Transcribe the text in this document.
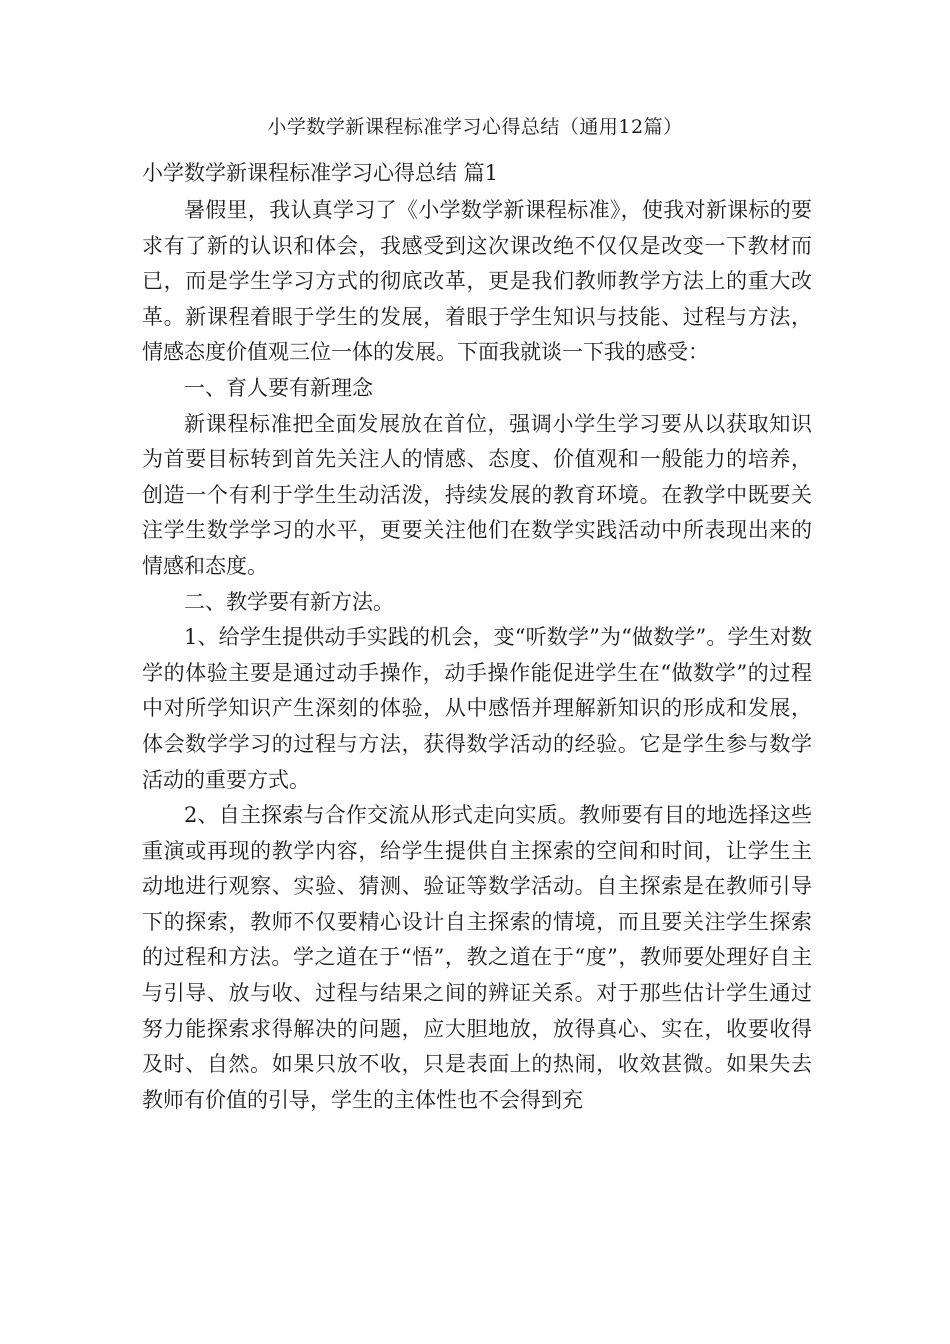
小学数学新课程标准学习心得总结（通用12篇）
小学数学新课程标准学习心得总结 篇1

暑假里，我认真学习了《小学数学新课程标准》，使我对新课标的要求有了新的认识和体会，我感受到这次课改绝不仅仅是改变一下教材而已，而是学生学习方式的彻底改革，更是我们教师教学方法上的重大改革。新课程着眼于学生的发展，着眼于学生知识与技能、过程与方法，情感态度价值观三位一体的发展。下面我就谈一下我的感受：

一、育人要有新理念

新课程标准把全面发展放在首位，强调小学生学习要从以获取知识为首要目标转到首先关注人的情感、态度、价值观和一般能力的培养，创造一个有利于学生生动活泼，持续发展的教育环境。在教学中既要关注学生数学学习的水平，更要关注他们在数学实践活动中所表现出来的情感和态度。

二、教学要有新方法。

1、给学生提供动手实践的机会，变“听数学”为“做数学”。学生对数学的体验主要是通过动手操作，动手操作能促进学生在“做数学”的过程中对所学知识产生深刻的体验，从中感悟并理解新知识的形成和发展，体会数学学习的过程与方法，获得数学活动的经验。它是学生参与数学活动的重要方式。

2、自主探索与合作交流从形式走向实质。教师要有目的地选择这些重演或再现的教学内容，给学生提供自主探索的空间和时间，让学生主动地进行观察、实验、猜测、验证等数学活动。自主探索是在教师引导下的探索，教师不仅要精心设计自主探索的情境，而且要关注学生探索的过程和方法。学之道在于“悟”，教之道在于“度”，教师要处理好自主与引导、放与收、过程与结果之间的辨证关系。对于那些估计学生通过努力能探索求得解决的问题，应大胆地放，放得真心、实在，收要收得及时、自然。如果只放不收，只是表面上的热闹，收效甚微。如果失去教师有价值的引导，学生的主体性也不会得到充
